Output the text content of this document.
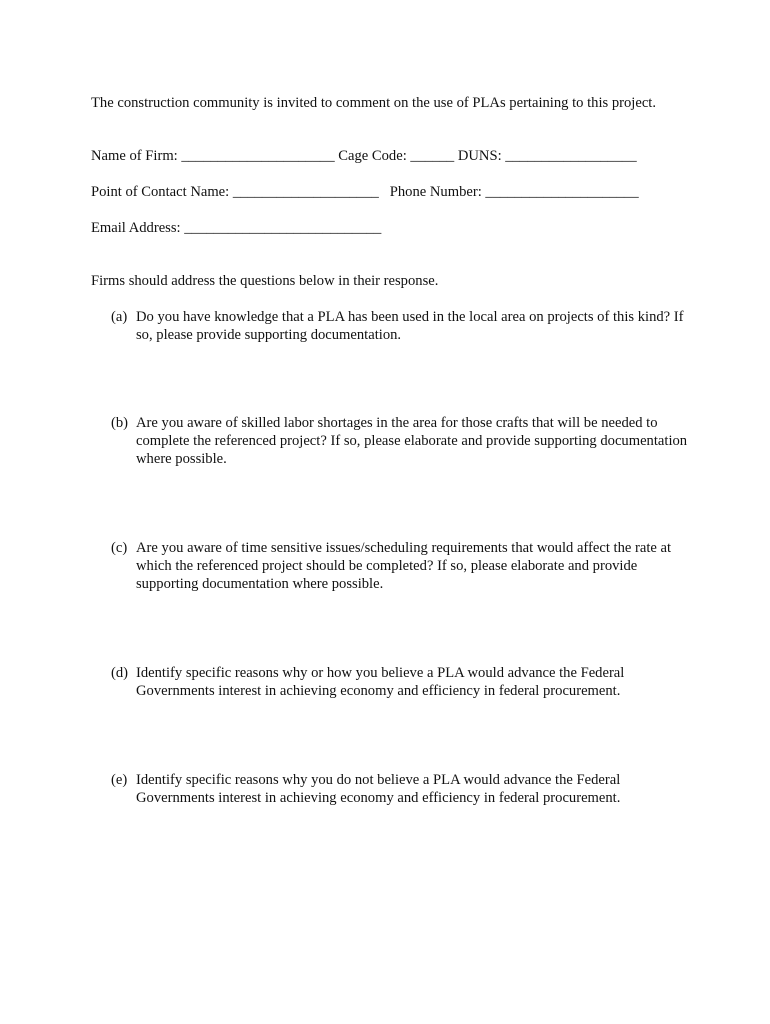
The construction community is invited to comment on the use of PLAs pertaining to this project.
Name of Firm: _____________________ Cage Code: ______ DUNS: __________________
Point of Contact Name: ____________________   Phone Number: _____________________
Email Address: ___________________________
Firms should address the questions below in their response.
(a) Do you have knowledge that a PLA has been used in the local area on projects of this kind? If so, please provide supporting documentation.
(b) Are you aware of skilled labor shortages in the area for those crafts that will be needed to complete the referenced project? If so, please elaborate and provide supporting documentation where possible.
(c) Are you aware of time sensitive issues/scheduling requirements that would affect the rate at which the referenced project should be completed? If so, please elaborate and provide supporting documentation where possible.
(d) Identify specific reasons why or how you believe a PLA would advance the Federal Governments interest in achieving economy and efficiency in federal procurement.
(e) Identify specific reasons why you do not believe a PLA would advance the Federal Governments interest in achieving economy and efficiency in federal procurement.
